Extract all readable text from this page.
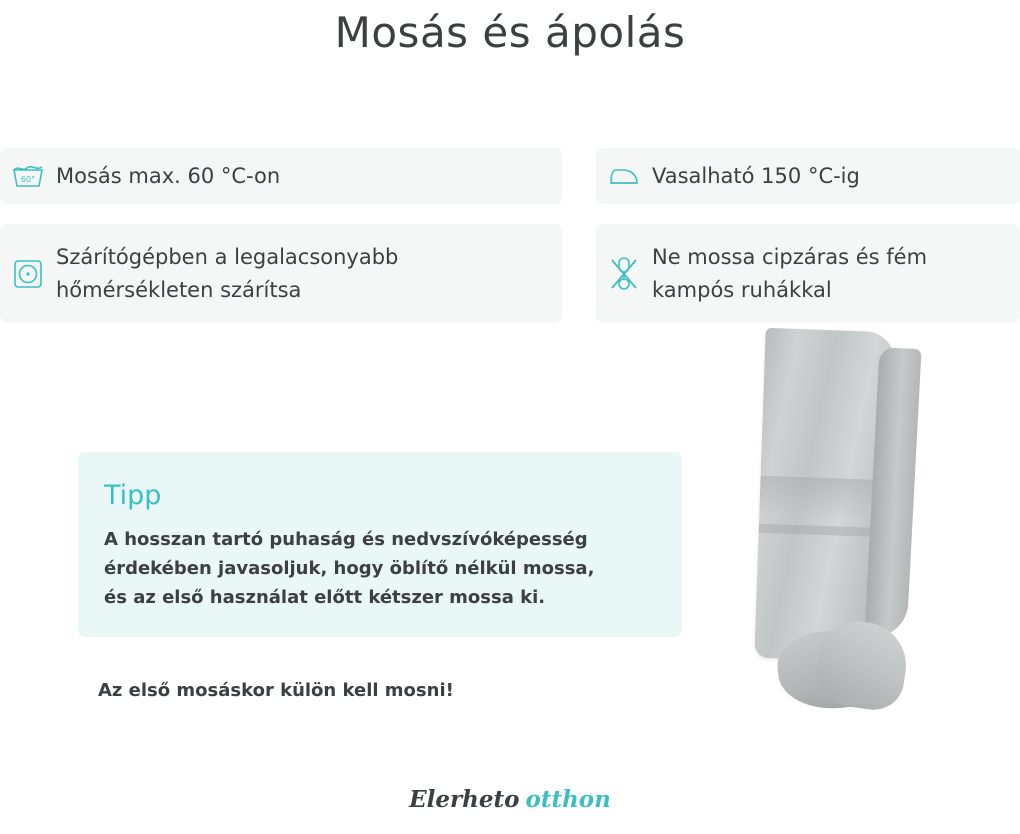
Mosás és ápolás
60° Mosás max. 60 °C-on	Vasalható 150 °C-ig
Szárítógépben a legalacsonyabb hőmérsékleten szárítsa
Ne mossa cipzáras és fém kampós ruhákkal
Tipp
A hosszan tartó puhaság és nedvszívóképesség
érdekében javasoljuk, hogy öblítő nélkül mossa,
és az első használat előtt kétszer mossa ki.
Az első mosáskor külön kell mosni!
Elerheto otthon
